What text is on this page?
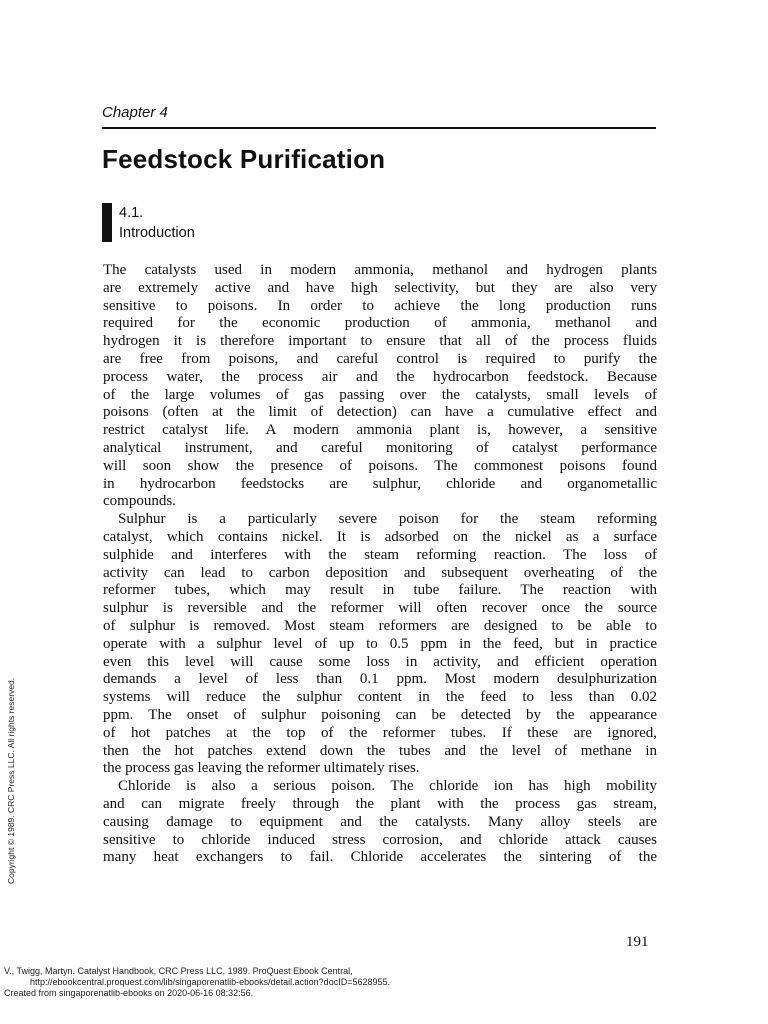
Chapter 4
Feedstock Purification
4.1.
Introduction
The catalysts used in modern ammonia, methanol and hydrogen plants
are extremely active and have high selectivity, but they are also very
sensitive to poisons. In order to achieve the long production runs
required for the economic production of ammonia, methanol and
hydrogen it is therefore important to ensure that all of the process fluids
are free from poisons, and careful control is required to purify the
process water, the process air and the hydrocarbon feedstock. Because
of the large volumes of gas passing over the catalysts, small levels of
poisons (often at the limit of detection) can have a cumulative effect and
restrict catalyst life. A modern ammonia plant is, however, a sensitive
analytical instrument, and careful monitoring of catalyst performance
will soon show the presence of poisons. The commonest poisons found
in hydrocarbon feedstocks are sulphur, chloride and organometallic
compounds.
 Sulphur is a particularly severe poison for the steam reforming
catalyst, which contains nickel. It is adsorbed on the nickel as a surface
sulphide and interferes with the steam reforming reaction. The loss of
activity can lead to carbon deposition and subsequent overheating of the
reformer tubes, which may result in tube failure. The reaction with
sulphur is reversible and the reformer will often recover once the source
of sulphur is removed. Most steam reformers are designed to be able to
operate with a sulphur level of up to 0.5 ppm in the feed, but in practice
even this level will cause some loss in activity, and efficient operation
demands a level of less than 0.1 ppm. Most modern desulphurization
systems will reduce the sulphur content in the feed to less than 0.02
ppm. The onset of sulphur poisoning can be detected by the appearance
of hot patches at the top of the reformer tubes. If these are ignored,
then the hot patches extend down the tubes and the level of methane in
the process gas leaving the reformer ultimately rises.
 Chloride is also a serious poison. The chloride ion has high mobility
and can migrate freely through the plant with the process gas stream,
causing damage to equipment and the catalysts. Many alloy steels are
sensitive to chloride induced stress corrosion, and chloride attack causes
many heat exchangers to fail. Chloride accelerates the sintering of the
191
Copyright © 1989. CRC Press LLC. All rights reserved.
V., Twigg, Martyn. Catalyst Handbook, CRC Press LLC, 1989. ProQuest Ebook Central,
http://ebookcentral.proquest.com/lib/singaporenatlib-ebooks/detail.action?docID=5628955.
Created from singaporenatlib-ebooks on 2020-06-16 08:32:56.
